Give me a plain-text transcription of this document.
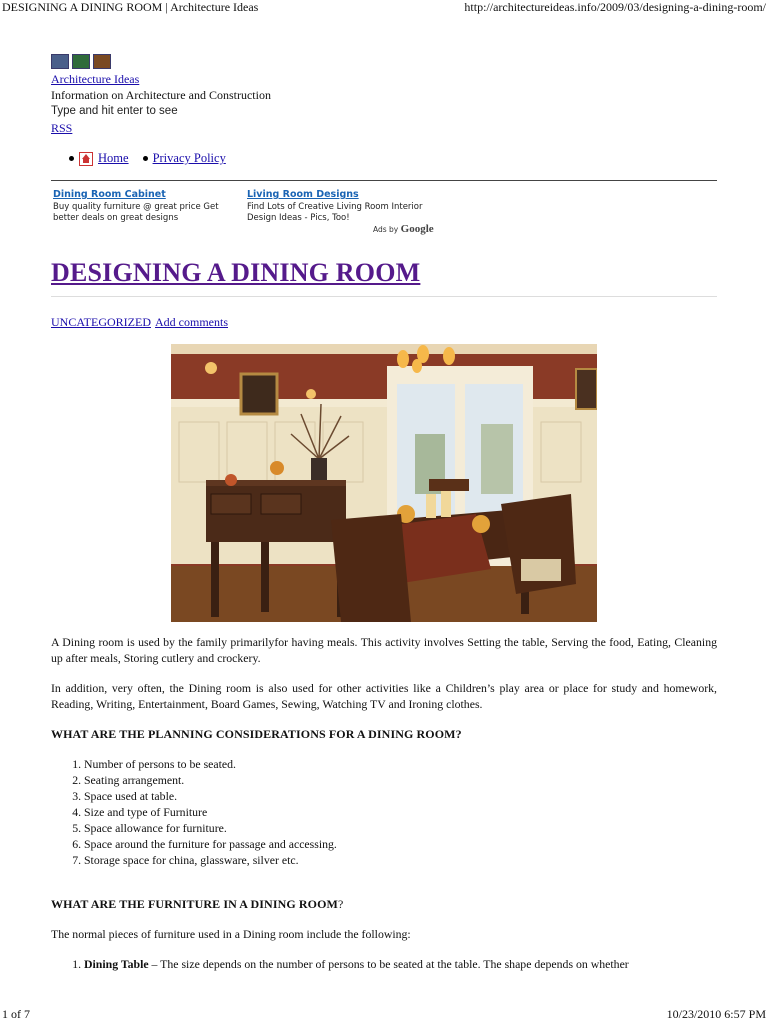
DESIGNING A DINING ROOM | Architecture Ideas	http://architectureideas.info/2009/03/designing-a-dining-room/
Architecture Ideas
Information on Architecture and Construction
Type and hit enter to see
RSS
Home Privacy Policy
Dining Room Cabinet
Buy quality furniture @ great price Get better deals on great designs
Living Room Designs
Find Lots of Creative Living Room Interior Design Ideas - Pics, Too!
Ads by Google
DESIGNING A DINING ROOM
UNCATEGORIZED Add comments

A Dining room is used by the family primarilyfor having meals. This activity involves Setting the table, Serving the food, Eating, Cleaning up after meals, Storing cutlery and crockery.

In addition, very often, the Dining room is also used for other activities like a Children’s play area or place for study and homework, Reading, Writing, Entertainment, Board Games, Sewing, Watching TV and Ironing clothes.

WHAT ARE THE PLANNING CONSIDERATIONS FOR A DINING ROOM?
1. Number of persons to be seated.
2. Seating arrangement.
3. Space used at table.
4. Size and type of Furniture
5. Space allowance for furniture.
6. Space around the furniture for passage and accessing.
7. Storage space for china, glassware, silver etc.
WHAT ARE THE FURNITURE IN A DINING ROOM?

The normal pieces of furniture used in a Dining room include the following:

1. Dining Table – The size depends on the number of persons to be seated at the table. The shape depends on whether
1 of 7	10/23/2010 6:57 PM
